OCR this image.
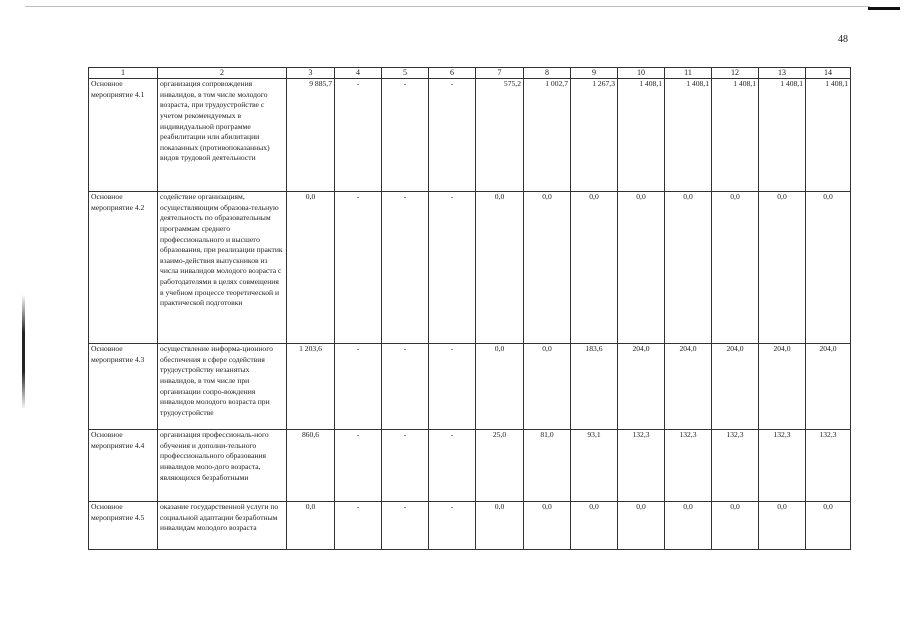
48
1	2	3	4	5	6	7	8	9	10	11	12	13	14
Основное мероприятие 4.1	организация сопровождения инвалидов, в том числе молодого возраста, при трудоустройстве с учетом рекомендуемых в индивидуальной программе реабилитации или абилитации показанных (противопоказанных) видов трудовой деятельности	9 885,7	-	-	-	575,2	1 002,7	1 267,3	1 408,1	1 408,1	1 408,1	1 408,1	1 408,1
Основное мероприятие 4.2	содействие организациям, осуществляющим образова-тельную деятельность по образовательным программам среднего профессионального и высшего образования, при реализации практик взаимо-действия выпускников из числа инвалидов молодого возраста с работодателями в целях совмещения в учебном процессе теоретической и практической подготовки	0,0	-	-	-	0,0	0,0	0,0	0,0	0,0	0,0	0,0	0,0
Основное мероприятие 4.3	осуществление информа-ционного обеспечения в сфере содействия трудоустройству незанятых инвалидов, в том числе при организации сопро-вождения инвалидов молодого возраста при трудоустройстве	1 203,6	-	-	-	0,0	0,0	183,6	204,0	204,0	204,0	204,0	204,0
Основное мероприятие 4.4	организация профессиональ-ного обучения и дополни-тельного профессионального образования инвалидов моло-дого возраста, являющихся безработными	860,6	-	-	-	25,0	81,0	93,1	132,3	132,3	132,3	132,3	132,3
Основное мероприятие 4.5	оказание государственной услуги по социальной адаптации безработным инвалидам молодого возраста	0,0	-	-	-	0,0	0,0	0,0	0,0	0,0	0,0	0,0	0,0
